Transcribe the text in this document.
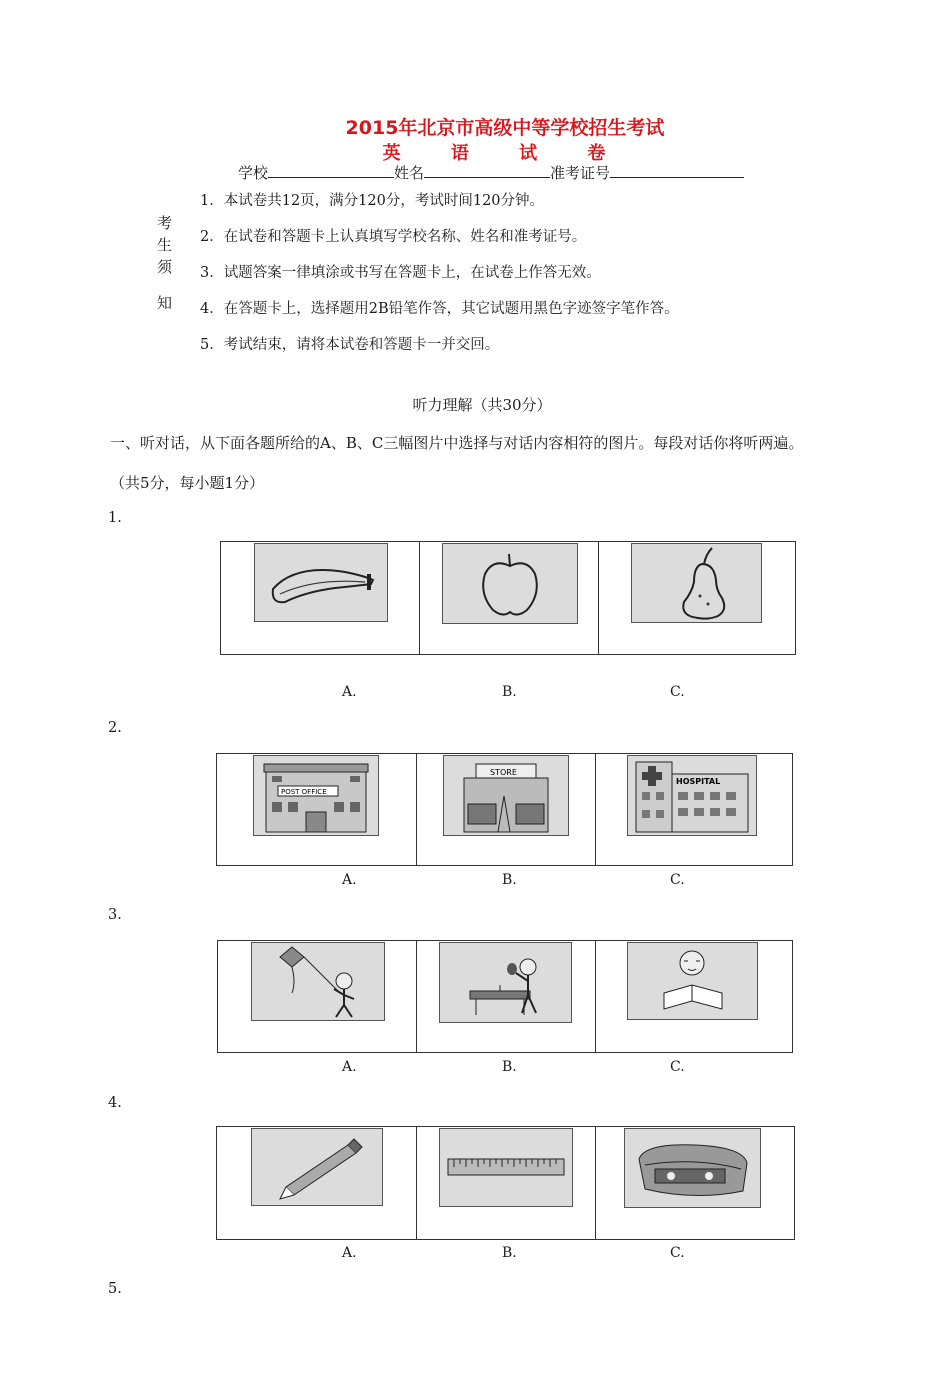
2015年北京市高级中等学校招生考试
英 语 试 卷
学校	姓名	准考证号
考
生
须
知
1．本试卷共12页，满分120分，考试时间120分钟。
2．在试卷和答题卡上认真填写学校名称、姓名和准考证号。
3．试题答案一律填涂或书写在答题卡上，在试卷上作答无效。
4．在答题卡上，选择题用2B铅笔作答，其它试题用黑色字迹签字笔作答。
5．考试结束，请将本试卷和答题卡一并交回。
听力理解（共30分）
一、听对话，从下面各题所给的A、B、C三幅图片中选择与对话内容相符的图片。每段对话你将听两遍。
（共5分，每小题1分）
1.

A.	B.	C.
2.
POST OFFICE

STORE

HOSPITAL
A.	B.	C.
3.

A.	B.	C.
4.

A.	B.	C.
5.
